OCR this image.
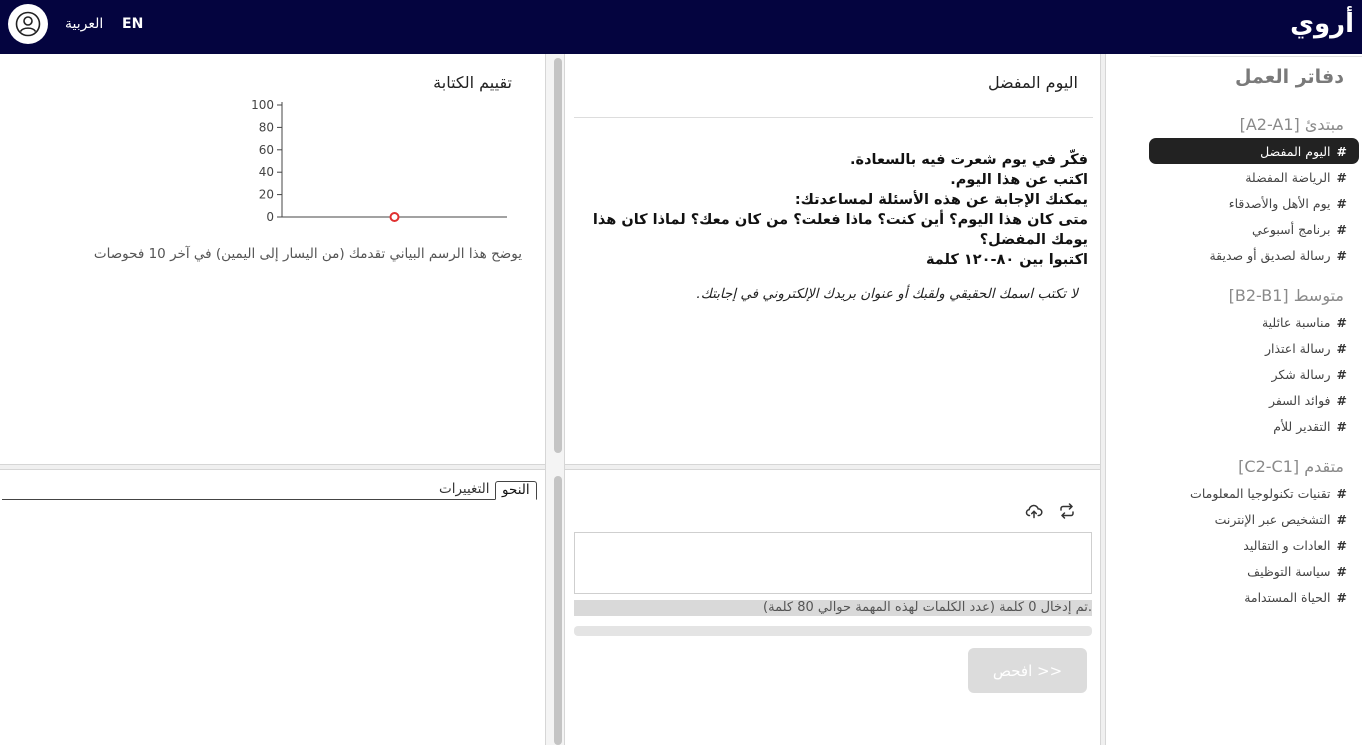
العربية EN	أروي
دفاتر العمل
مبتدئ [A2-A1]
#
اليوم المفضل
#
الرياضة المفضلة
#
يوم الأهل والأصدقاء
#
برنامج أسبوعي
#
رسالة لصديق أو صديقة
متوسط [B2-B1]
#
مناسبة عائلية
#
رسالة اعتذار
#
رسالة شكر
#
فوائد السفر
#
التقدير للأم
متقدم [C2-C1]
#
تقنيات تكنولوجيا المعلومات
#
التشخيص عبر الإنترنت
#
العادات و التقاليد
#
سياسة التوظيف
#
الحياة المستدامة
اليوم المفضل
فكّر في يوم شعرت فيه بالسعادة.
اكتب عن هذا اليوم.
يمكنك الإجابة عن هذه الأسئلة لمساعدتك:
متى كان هذا اليوم؟ أين كنت؟ ماذا فعلت؟ من كان معك؟ لماذا كان هذا يومك المفضل؟
اكتبوا بين ٨٠-١٢٠ كلمة
لا تكتب اسمك الحقيقي ولقبك أو عنوان بريدك الإلكتروني في إجابتك.
.تم إدخال 0 كلمة (عدد الكلمات لهذه المهمة حوالي 80 كلمة)
افحص >>
تقييم الكتابة
0
20
40
60
80
100
يوضح هذا الرسم البياني تقدمك (من اليسار إلى اليمين) في آخر 10 فحوصات
النحو
التغييرات
